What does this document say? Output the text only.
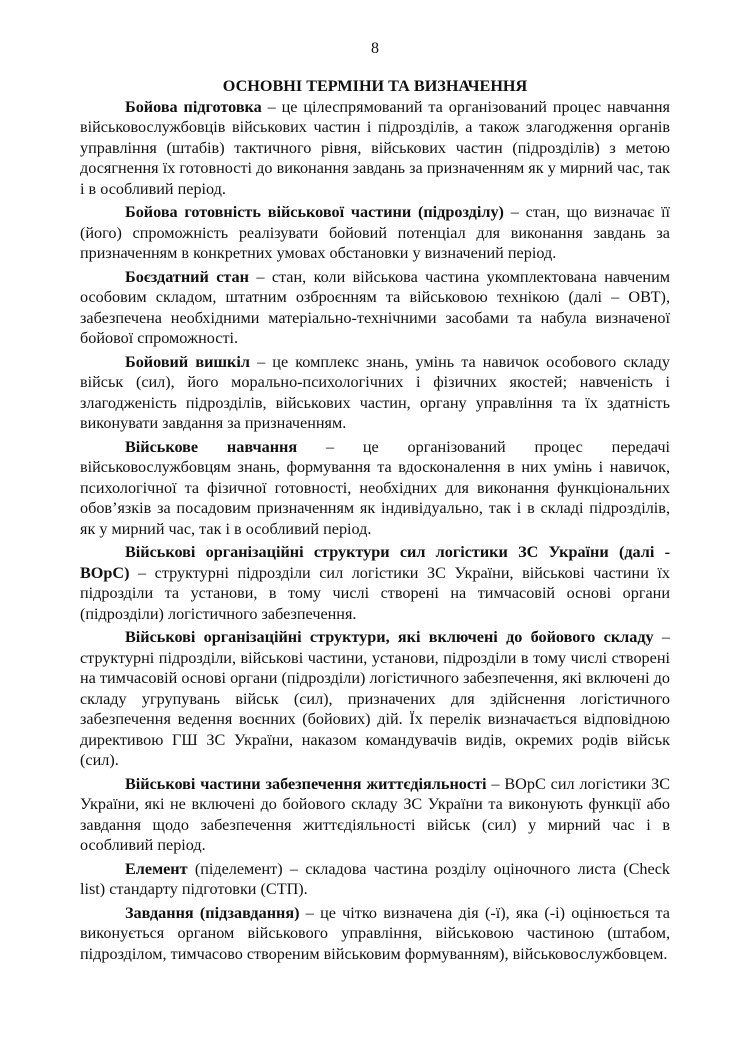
8
ОСНОВНІ ТЕРМІНИ ТА ВИЗНАЧЕННЯ

Бойова підготовка – це цілеспрямований та організований процес навчання військовослужбовців військових частин і підрозділів, а також злагодження органів управління (штабів) тактичного рівня, військових частин (підрозділів) з метою досягнення їх готовності до виконання завдань за призначенням як у мирний час, так і в особливий період.

Бойова готовність військової частини (підрозділу) – стан, що визначає її (його) спроможність реалізувати бойовий потенціал для виконання завдань за призначенням в конкретних умовах обстановки у визначений період.

Боєздатний стан – стан, коли військова частина укомплектована навченим особовим складом, штатним озброєнням та військовою технікою (далі – ОВТ), забезпечена необхідними матеріально-технічними засобами та набула визначеної бойової спроможності.

Бойовий вишкіл – це комплекс знань, умінь та навичок особового складу військ (сил), його морально-психологічних і фізичних якостей; навченість і злагодженість підрозділів, військових частин, органу управління та їх здатність виконувати завдання за призначенням.

Військове навчання – це організований процес передачі військовослужбовцям знань, формування та вдосконалення в них умінь і навичок, психологічної та фізичної готовності, необхідних для виконання функціональних обов’язків за посадовим призначенням як індивідуально, так і в складі підрозділів, як у мирний час, так і в особливий період.

Військові організаційні структури сил логістики ЗС України (далі - ВОрС) – структурні підрозділи сил логістики ЗС України, військові частини їх підрозділи та установи, в тому числі створені на тимчасовій основі органи (підрозділи) логістичного забезпечення.

Військові організаційні структури, які включені до бойового складу – структурні підрозділи, військові частини, установи, підрозділи в тому числі створені на тимчасовій основі органи (підрозділи) логістичного забезпечення, які включені до складу угрупувань військ (сил), призначених для здійснення логістичного забезпечення ведення воєнних (бойових) дій. Їх перелік визначається відповідною директивою ГШ ЗС України, наказом командувачів видів, окремих родів військ (сил).

Військові частини забезпечення життєдіяльності – ВОрС сил логістики ЗС України, які не включені до бойового складу ЗС України та виконують функції або завдання щодо забезпечення життєдіяльності військ (сил) у мирний час і в особливий період.

Елемент (піделемент) – складова частина розділу оціночного листа (Check list) стандарту підготовки (СТП).

Завдання (підзавдання) – це чітко визначена дія (-ї), яка (-і) оцінюється та виконується органом військового управління, військовою частиною (штабом, підрозділом, тимчасово створеним військовим формуванням), військовослужбовцем.
